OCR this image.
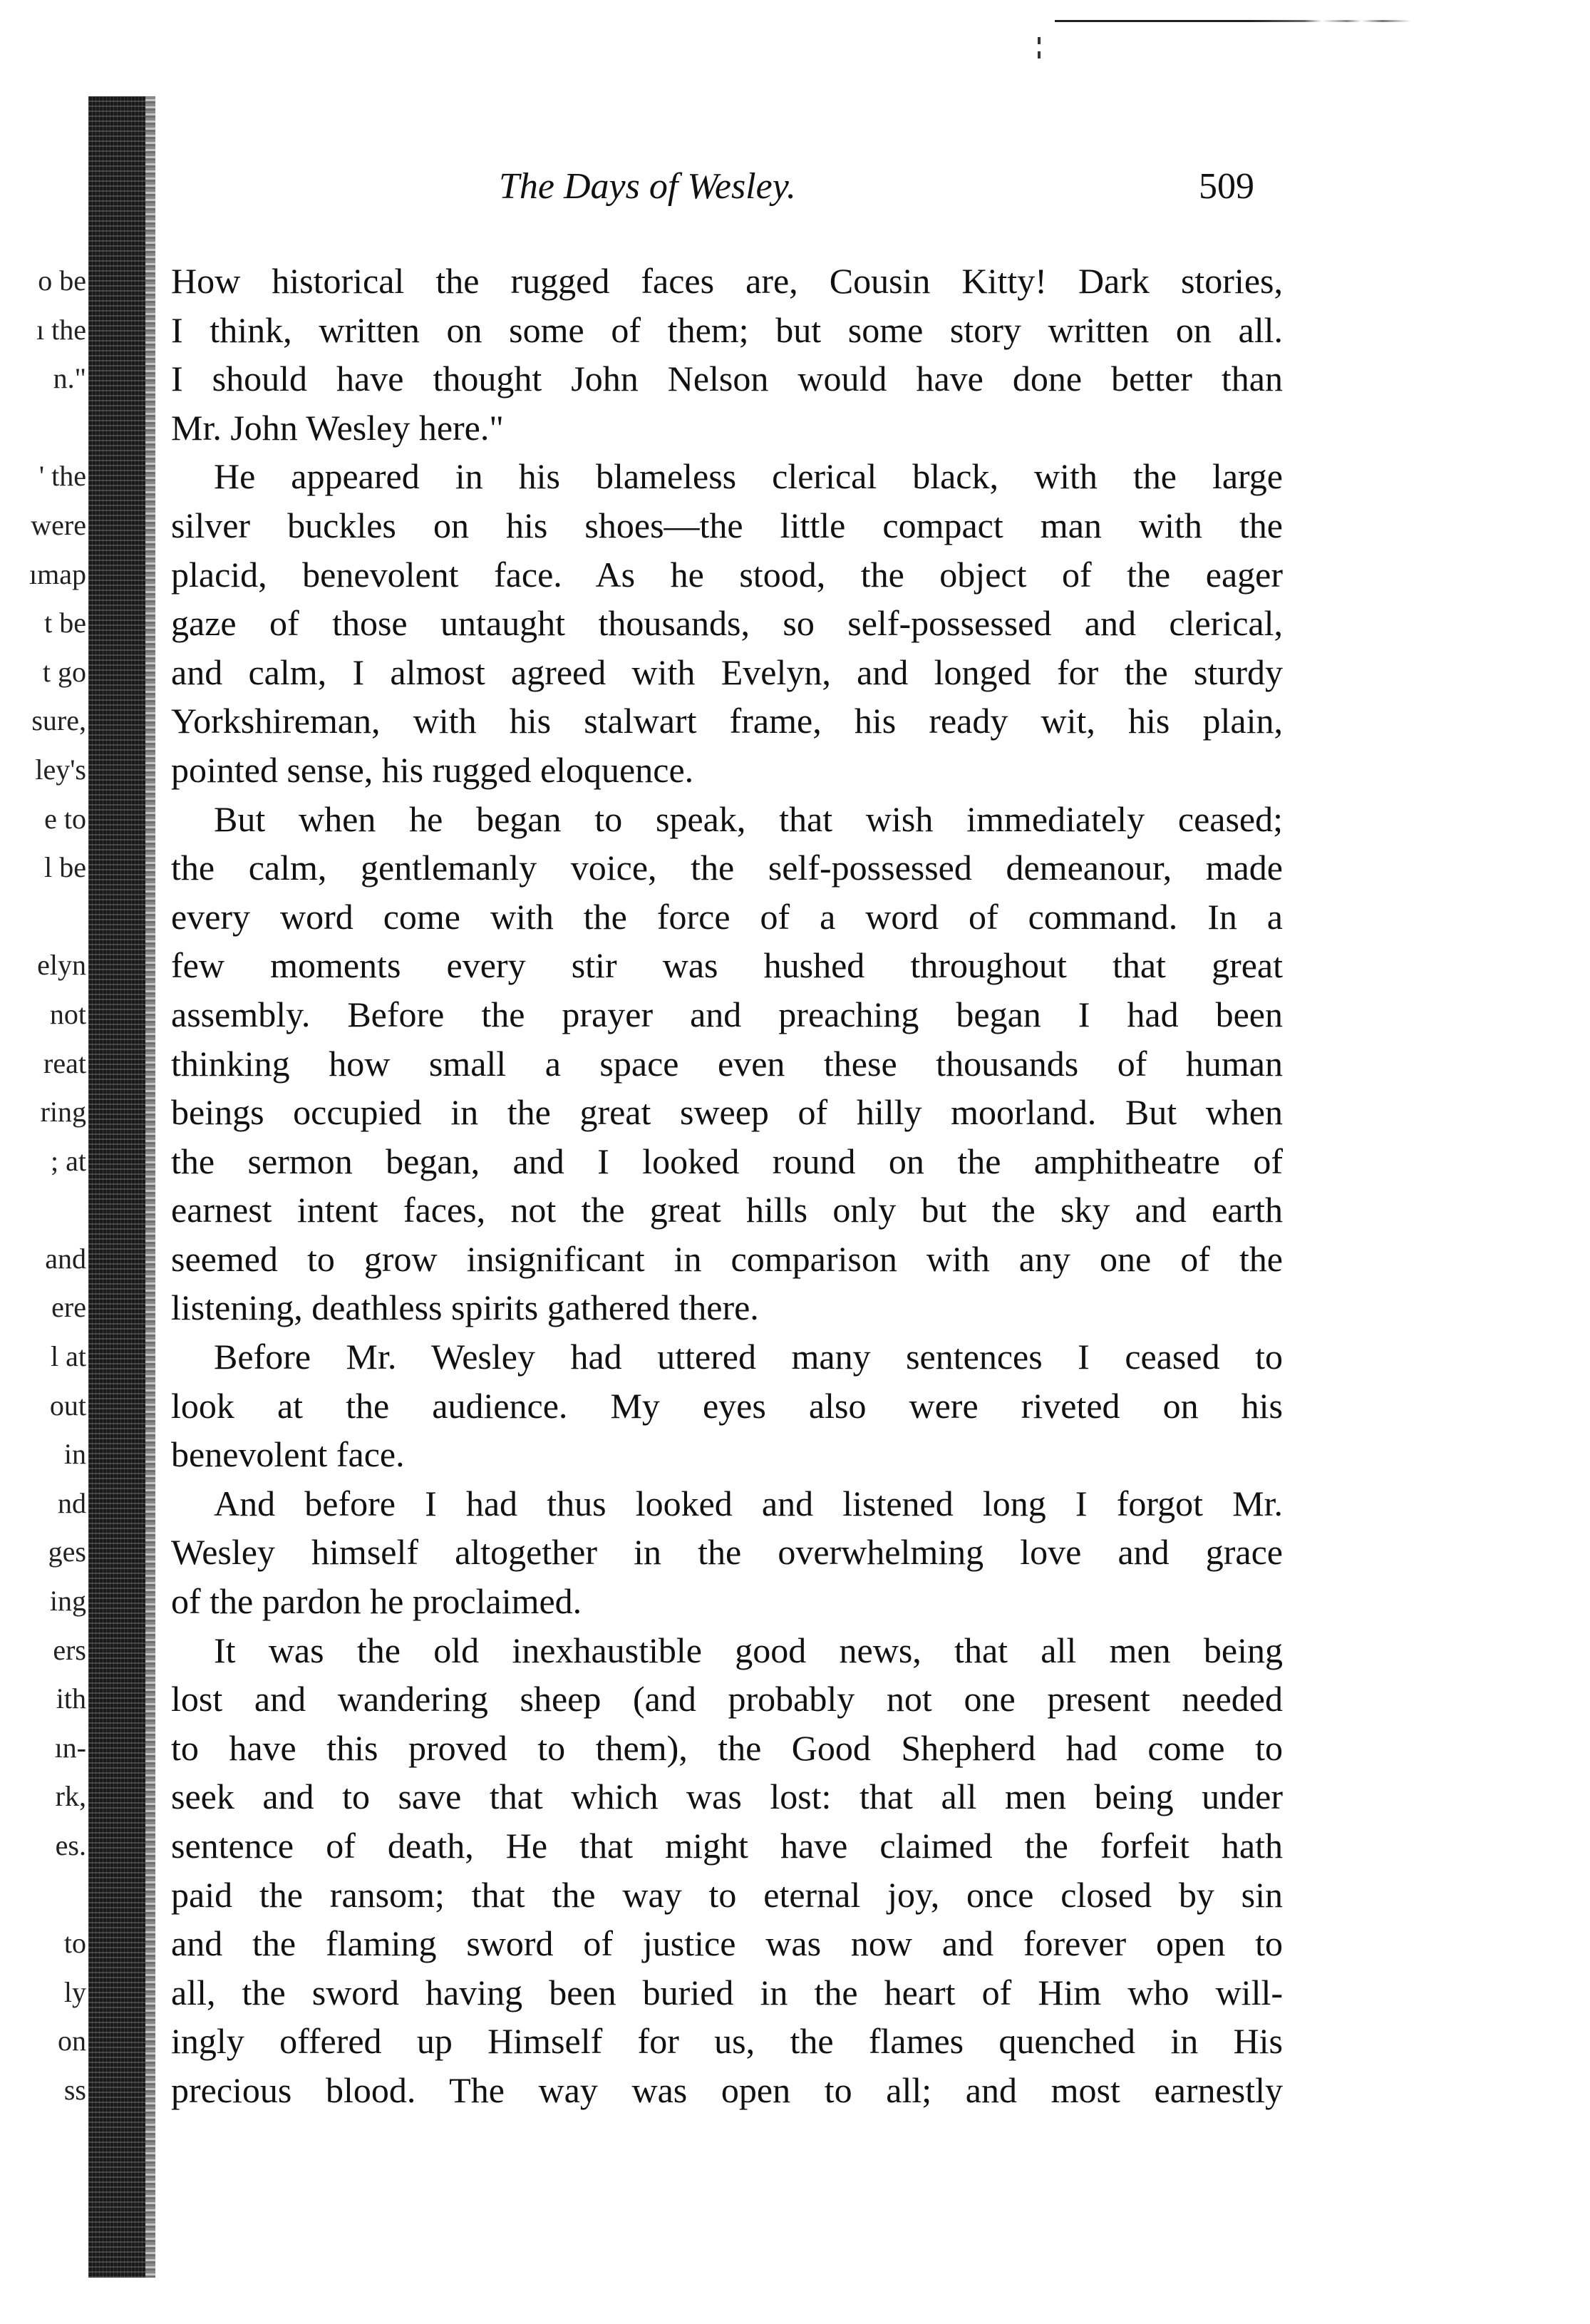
o be
ı the
n."
' the
were
ımap
t be
t go
sure,
ley's
e to
l be
elyn
not
reat
ring
; at
and
ere
l at
out
in
nd
ges
ing
ers
ith
ın-
rk,
es.
to
ly
on
ss
The Days of Wesley.	509

How historical the rugged faces are, Cousin Kitty! Dark stories,
I think, written on some of them; but some story written on all.
I should have thought John Nelson would have done better than
Mr. John Wesley here."

He appeared in his blameless clerical black, with the large
silver buckles on his shoes—the little compact man with the
placid, benevolent face. As he stood, the object of the eager
gaze of those untaught thousands, so self-possessed and clerical,
and calm, I almost agreed with Evelyn, and longed for the sturdy
Yorkshireman, with his stalwart frame, his ready wit, his plain,
pointed sense, his rugged eloquence.

But when he began to speak, that wish immediately ceased;
the calm, gentlemanly voice, the self-possessed demeanour, made
every word come with the force of a word of command. In a
few moments every stir was hushed throughout that great
assembly. Before the prayer and preaching began I had been
thinking how small a space even these thousands of human
beings occupied in the great sweep of hilly moorland. But when
the sermon began, and I looked round on the amphitheatre of
earnest intent faces, not the great hills only but the sky and earth
seemed to grow insignificant in comparison with any one of the
listening, deathless spirits gathered there.

Before Mr. Wesley had uttered many sentences I ceased to
look at the audience. My eyes also were riveted on his
benevolent face.

And before I had thus looked and listened long I forgot Mr.
Wesley himself altogether in the overwhelming love and grace
of the pardon he proclaimed.

It was the old inexhaustible good news, that all men being
lost and wandering sheep (and probably not one present needed
to have this proved to them), the Good Shepherd had come to
seek and to save that which was lost: that all men being under
sentence of death, He that might have claimed the forfeit hath
paid the ransom; that the way to eternal joy, once closed by sin
and the flaming sword of justice was now and forever open to
all, the sword having been buried in the heart of Him who will-
ingly offered up Himself for us, the flames quenched in His
precious blood. The way was open to all; and most earnestly
